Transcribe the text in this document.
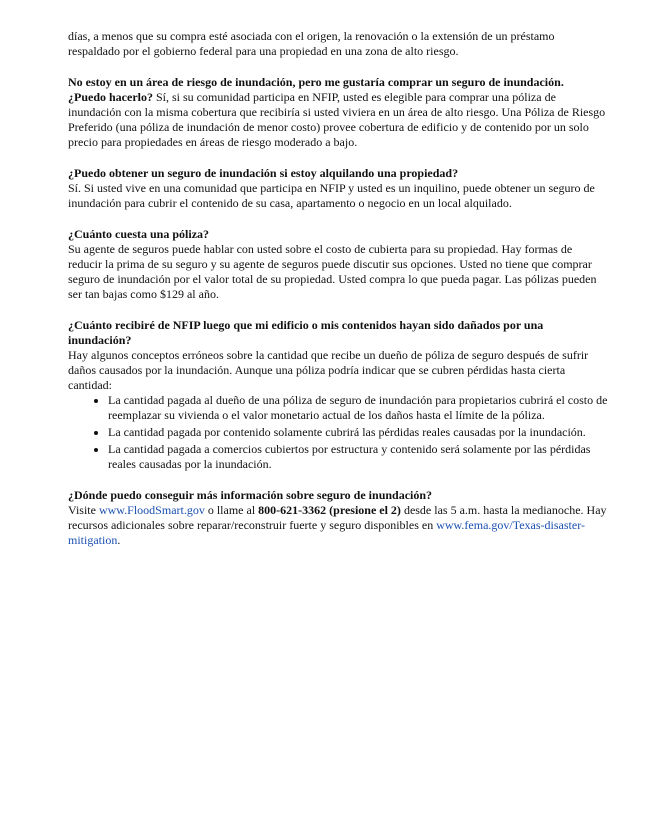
días, a menos que su compra esté asociada con el origen, la renovación o la extensión de un préstamo respaldado por el gobierno federal para una propiedad en una zona de alto riesgo.

No estoy en un área de riesgo de inundación, pero me gustaría comprar un seguro de inundación.

¿Puedo hacerlo? Sí, si su comunidad participa en NFIP, usted es elegible para comprar una póliza de inundación con la misma cobertura que recibiría si usted viviera en un área de alto riesgo. Una Póliza de Riesgo Preferido (una póliza de inundación de menor costo) provee cobertura de edificio y de contenido por un solo precio para propiedades en áreas de riesgo moderado a bajo.

¿Puedo obtener un seguro de inundación si estoy alquilando una propiedad?

Sí. Si usted vive en una comunidad que participa en NFIP y usted es un inquilino, puede obtener un seguro de inundación para cubrir el contenido de su casa, apartamento o negocio en un local alquilado.

¿Cuánto cuesta una póliza?

Su agente de seguros puede hablar con usted sobre el costo de cubierta para su propiedad. Hay formas de reducir la prima de su seguro y su agente de seguros puede discutir sus opciones. Usted no tiene que comprar seguro de inundación por el valor total de su propiedad. Usted compra lo que pueda pagar. Las pólizas pueden ser tan bajas como $129 al año.

¿Cuánto recibiré de NFIP luego que mi edificio o mis contenidos hayan sido dañados por una inundación?

Hay algunos conceptos erróneos sobre la cantidad que recibe un dueño de póliza de seguro después de sufrir daños causados por la inundación. Aunque una póliza podría indicar que se cubren pérdidas hasta cierta cantidad:

• La cantidad pagada al dueño de una póliza de seguro de inundación para propietarios cubrirá el costo de reemplazar su vivienda o el valor monetario actual de los daños hasta el límite de la póliza.
• La cantidad pagada por contenido solamente cubrirá las pérdidas reales causadas por la inundación.
• La cantidad pagada a comercios cubiertos por estructura y contenido será solamente por las pérdidas reales causadas por la inundación.

¿Dónde puedo conseguir más información sobre seguro de inundación?

Visite www.FloodSmart.gov o llame al 800-621-3362 (presione el 2) desde las 5 a.m. hasta la medianoche. Hay recursos adicionales sobre reparar/reconstruir fuerte y seguro disponibles en www.fema.gov/Texas-disaster-mitigation.
